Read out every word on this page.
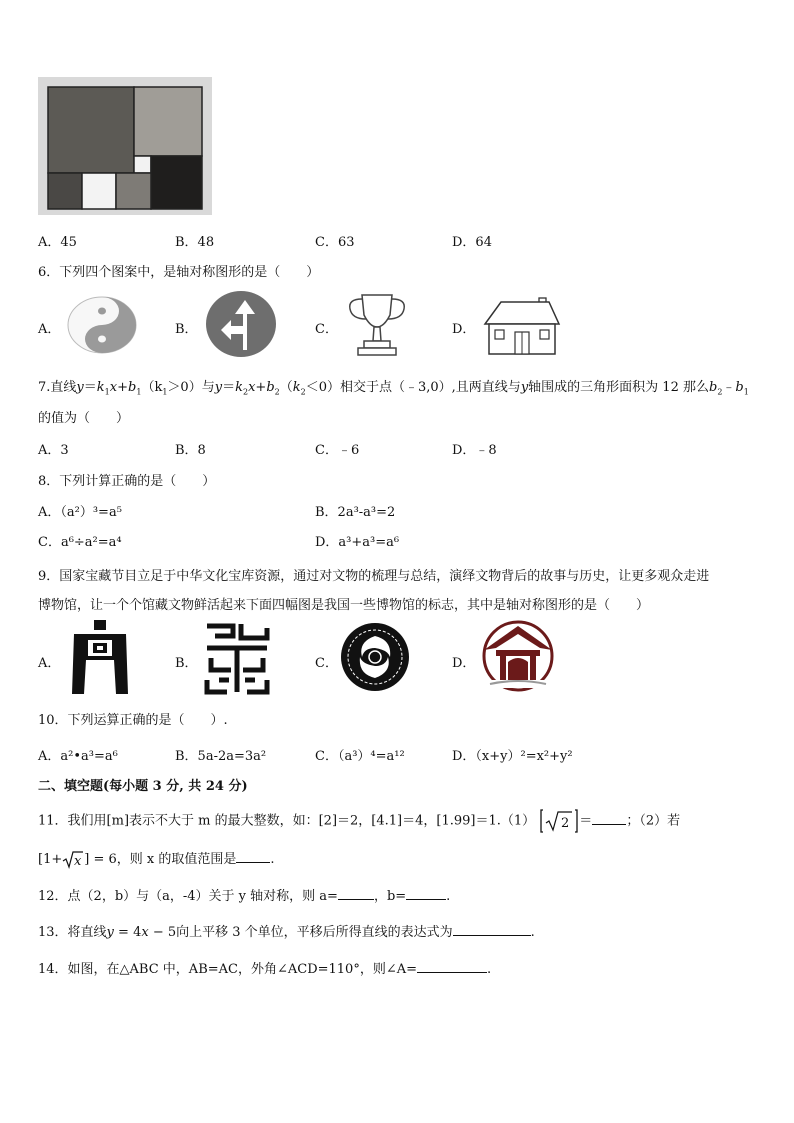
A．45	B．48	C．63	D．64
6．下列四个图案中，是轴对称图形的是（　　）
A．	B．	C．	D．
7.直线$y=k_1x+b_1(k_1>0)$与$y=k_2x+b_2(k_2<0)$相交于点（﹣3,0）,且两直线与y轴围成的三角形面积为 12 那么$b_2﹣b_1$
的值为（　　）
A．3	B．8	C．﹣6	D．﹣8
8．下列计算正确的是（　　）
A．（a²）³=a⁵	B．2a³-a³=2
C．a⁶÷a²=a⁴	D．a³+a³=a⁶
9．国家宝藏节目立足于中华文化宝库资源，通过对文物的梳理与总结，演绎文物背后的故事与历史，让更多观众走进
博物馆，让一个个馆藏文物鲜活起来下面四幅图是我国一些博物馆的标志，其中是轴对称图形的是（　　）
A．	B．	C．	D．
10．下列运算正确的是（　　）.
A．a²•a³=a⁶	B．5a-2a=3a²	C．（a³）⁴=a¹²	D．（x+y）²=x²+y²
二、填空题(每小题 3 分, 共 24 分)
11．我们用[m]表示不大于 m 的最大整数，如：[2]＝2，[4.1]＝4，[1.99]＝1.（1） 2 ＝	；（2）若
[1+ x ] = 6，则 x 的取值范围是	.
12．点（2，b）与（a，-4）关于 y 轴对称，则 a=	，b=	.
13．将直线y = 4x − 5向上平移 3 个单位，平移后所得直线的表达式为	.
14．如图，在△ABC 中，AB=AC，外角∠ACD=110°，则∠A=	.
